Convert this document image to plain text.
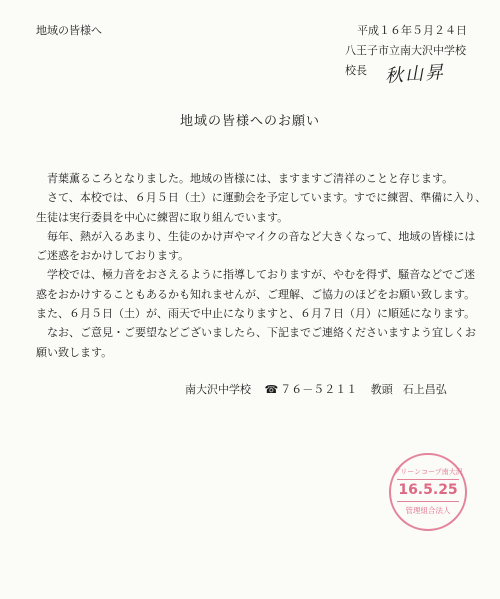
地域の皆様へ	平成１６年５月２４日
八王子市立南大沢中学校
校長 秋山昇
地域の皆様へのお願い

　青葉薫るころとなりました。地域の皆様には、ますますご清祥のことと存じます。

　さて、本校では、６月５日（土）に運動会を予定しています。すでに練習、準備に入り、

生徒は実行委員を中心に練習に取り組んでいます。

　毎年、熱が入るあまり、生徒のかけ声やマイクの音など大きくなって、地域の皆様には

ご迷惑をおかけしております。

　学校では、極力音をおさえるように指導しておりますが、やむを得ず、騒音などでご迷

惑をおかけすることもあるかも知れませんが、ご理解、ご協力のほどをお願い致します。

また、６月５日（土）が、雨天で中止になりますと、６月７日（月）に順延になります。

　なお、ご意見・ご要望などございましたら、下記までご連絡くださいますよう宜しくお

願い致します。

南大沢中学校 ☎ ７６－５２１１ 教頭 石上昌弘
グリーンコープ南大沢
16.5.25
管理組合法人
